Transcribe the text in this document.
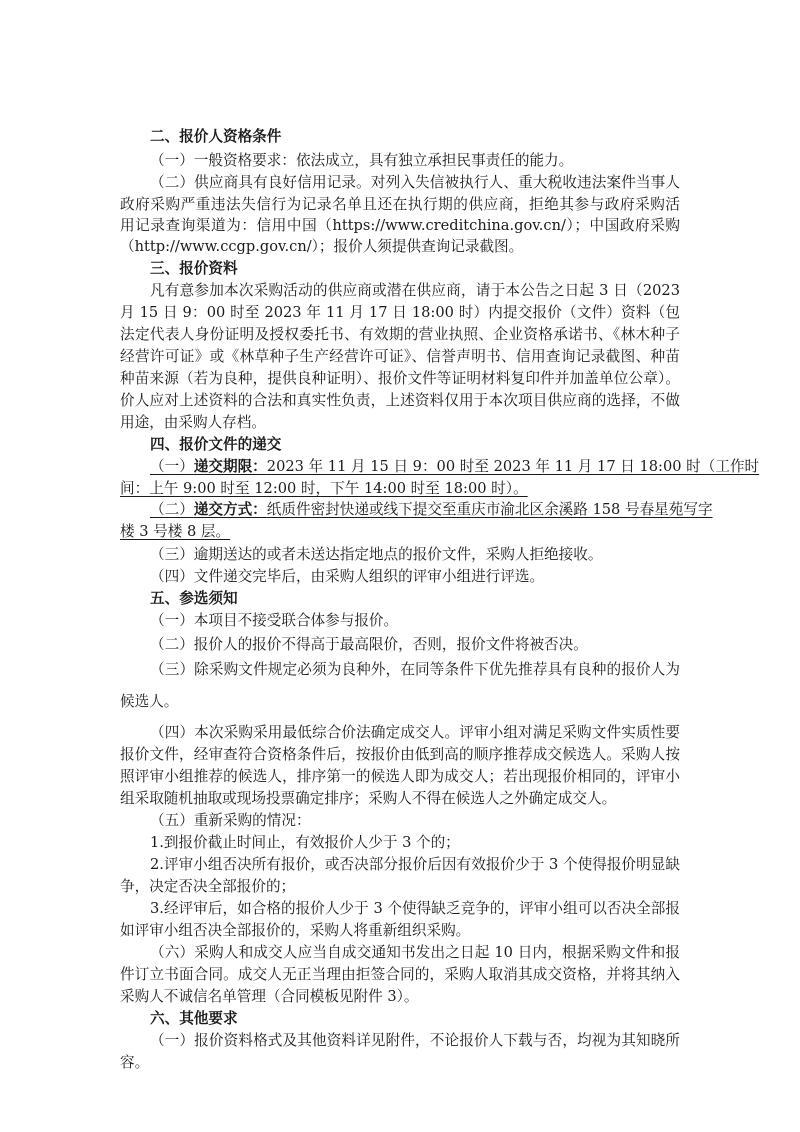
二、报价人资格条件
（一）一般资格要求：依法成立，具有独立承担民事责任的能力。
（二）供应商具有良好信用记录。对列入失信被执行人、重大税收违法案件当事人
政府采购严重违法失信行为记录名单且还在执行期的供应商，拒绝其参与政府采购活
用记录查询渠道为：信用中国（https://www.creditchina.gov.cn/）；中国政府采购
（http://www.ccgp.gov.cn/）；报价人须提供查询记录截图。
三、报价资料
凡有意参加本次采购活动的供应商或潜在供应商，请于本公告之日起 3 日（2023
月 15 日 9：00 时至 2023 年 11 月 17 日 18:00 时）内提交报价（文件）资料（包
法定代表人身份证明及授权委托书、有效期的营业执照、企业资格承诺书、《林木种子
经营许可证》或《林草种子生产经营许可证》、信誉声明书、信用查询记录截图、种苗
种苗来源（若为良种，提供良种证明）、报价文件等证明材料复印件并加盖单位公章）。
价人应对上述资料的合法和真实性负责，上述资料仅用于本次项目供应商的选择，不做
用途，由采购人存档。
四、报价文件的递交
（一）递交期限：2023 年 11 月 15 日 9：00 时至 2023 年 11 月 17 日 18:00 时（工作时
间：上午 9:00 时至 12:00 时，下午 14:00 时至 18:00 时）。
（二）递交方式：纸质件密封快递或线下提交至重庆市渝北区余溪路 158 号春星苑写字
楼 3 号楼 8 层。
（三）逾期送达的或者未送达指定地点的报价文件，采购人拒绝接收。
（四）文件递交完毕后，由采购人组织的评审小组进行评选。
五、参选须知
（一）本项目不接受联合体参与报价。
（二）报价人的报价不得高于最高限价，否则，报价文件将被否决。
（三）除采购文件规定必须为良种外，在同等条件下优先推荐具有良种的报价人为
候选人。
（四）本次采购采用最低综合价法确定成交人。评审小组对满足采购文件实质性要
报价文件，经审查符合资格条件后，按报价由低到高的顺序推荐成交候选人。采购人按
照评审小组推荐的候选人，排序第一的候选人即为成交人；若出现报价相同的，评审小
组采取随机抽取或现场投票确定排序；采购人不得在候选人之外确定成交人。
（五）重新采购的情况：
1.到报价截止时间止，有效报价人少于 3 个的；
2.评审小组否决所有报价，或否决部分报价后因有效报价少于 3 个使得报价明显缺
争，决定否决全部报价的；
3.经评审后，如合格的报价人少于 3 个使得缺乏竞争的，评审小组可以否决全部报
如评审小组否决全部报价的，采购人将重新组织采购。
（六）采购人和成交人应当自成交通知书发出之日起 10 日内，根据采购文件和报
件订立书面合同。成交人无正当理由拒签合同的，采购人取消其成交资格，并将其纳入
采购人不诚信名单管理（合同模板见附件 3）。
六、其他要求
（一）报价资料格式及其他资料详见附件，不论报价人下载与否，均视为其知晓所
容。
